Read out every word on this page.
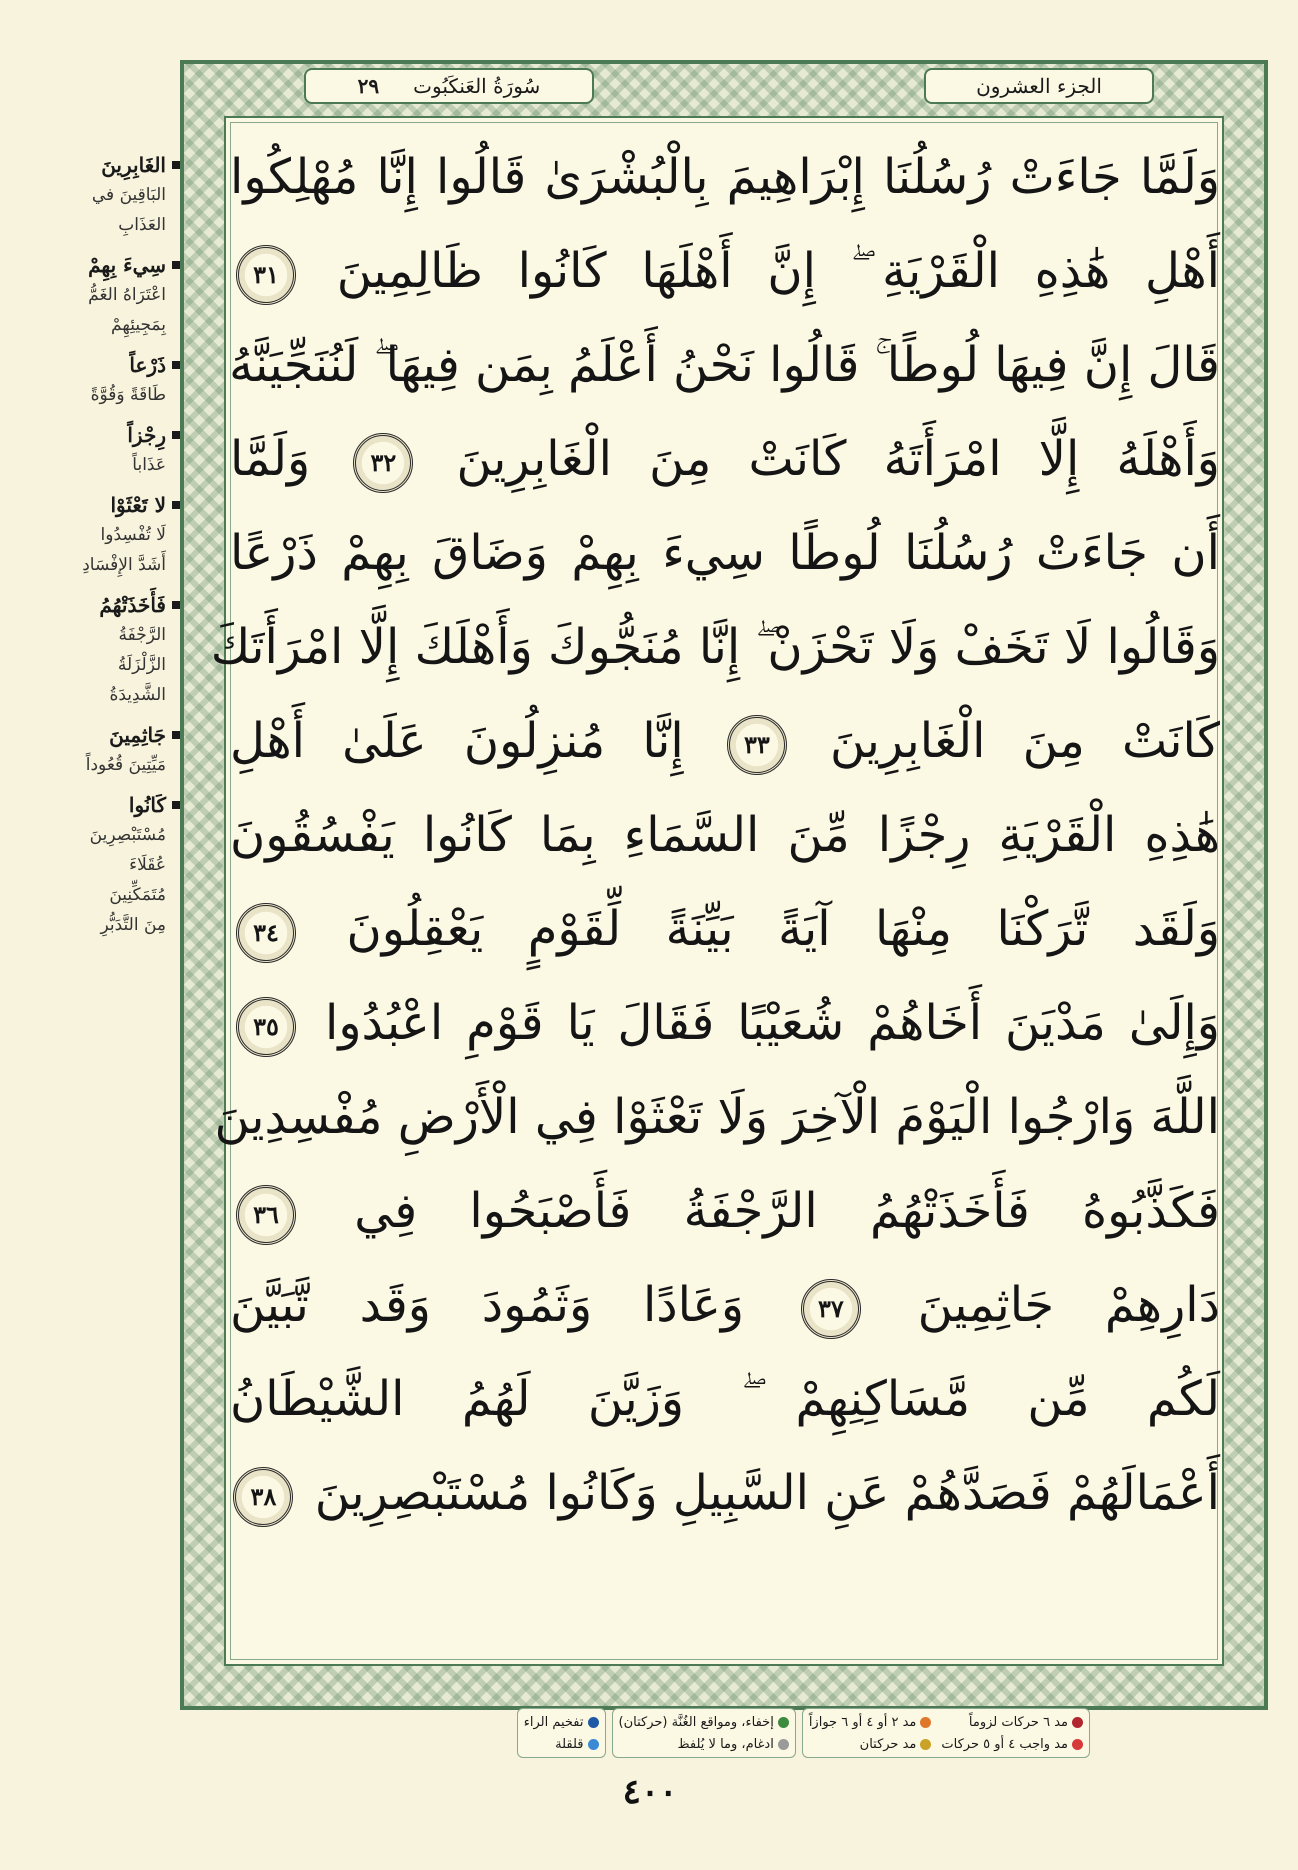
الغَابِرِينَ
البَاقِينَ في
العَذَابِ
سِيءَ بِهِمْ
اعْتَرَاهُ الغَمُّ
بِمَجِيئِهِمْ
ذَرْعاً
طَاقَةً وَقُوَّةً
رِجْزاً
عَذَاباً
لا تَعْثَوْا
لَا تُفْسِدُوا
أَشَدَّ الإِفْسَادِ
فَأَخَذَتْهُمُ
الرَّجْفَةُ
الزَّلْزَلَةُ
الشَّدِيدَةُ
جَاثِمِينَ
مَيِّتِينَ قُعُوداً
كَانُوا
مُسْتَبْصِرِينَ
عُقَلَاءَ
مُتَمَكِّنِينَ
مِنَ التَّدَبُّرِ
سُورَةُ العَنكَبُوت
٢٩	الجزء العشرون
وَلَمَّا جَاءَتْ رُسُلُنَا إِبْرَاهِيمَ بِالْبُشْرَىٰ قَالُوا إِنَّا مُهْلِكُوا
أَهْلِ هَٰذِهِ الْقَرْيَةِ ۖ إِنَّ أَهْلَهَا كَانُوا ظَالِمِينَ ٣١
قَالَ إِنَّ فِيهَا لُوطًا ۚ قَالُوا نَحْنُ أَعْلَمُ بِمَن فِيهَا ۖ لَنُنَجِّيَنَّهُ
وَأَهْلَهُ إِلَّا امْرَأَتَهُ كَانَتْ مِنَ الْغَابِرِينَ ٣٢ وَلَمَّا
أَن جَاءَتْ رُسُلُنَا لُوطًا سِيءَ بِهِمْ وَضَاقَ بِهِمْ ذَرْعًا
وَقَالُوا لَا تَخَفْ وَلَا تَحْزَنْ ۖ إِنَّا مُنَجُّوكَ وَأَهْلَكَ إِلَّا امْرَأَتَكَ
كَانَتْ مِنَ الْغَابِرِينَ ٣٣ إِنَّا مُنزِلُونَ عَلَىٰ أَهْلِ
هَٰذِهِ الْقَرْيَةِ رِجْزًا مِّنَ السَّمَاءِ بِمَا كَانُوا يَفْسُقُونَ
وَلَقَد تَّرَكْنَا مِنْهَا آيَةً بَيِّنَةً لِّقَوْمٍ يَعْقِلُونَ ٣٤
وَإِلَىٰ مَدْيَنَ أَخَاهُمْ شُعَيْبًا فَقَالَ يَا قَوْمِ اعْبُدُوا ٣٥
اللَّهَ وَارْجُوا الْيَوْمَ الْآخِرَ وَلَا تَعْثَوْا فِي الْأَرْضِ مُفْسِدِينَ
فَكَذَّبُوهُ فَأَخَذَتْهُمُ الرَّجْفَةُ فَأَصْبَحُوا فِي ٣٦
دَارِهِمْ جَاثِمِينَ ٣٧ وَعَادًا وَثَمُودَ وَقَد تَّبَيَّنَ
لَكُم مِّن مَّسَاكِنِهِمْ ۖ وَزَيَّنَ لَهُمُ الشَّيْطَانُ
أَعْمَالَهُمْ فَصَدَّهُمْ عَنِ السَّبِيلِ وَكَانُوا مُسْتَبْصِرِينَ ٣٨
مد ٦ حركات لزوماً
مد ٢ أو ٤ أو ٦ جوازاً
مد واجب ٤ أو ٥ حركات
مد حركتان
إخفاء، ومواقع الغُنَّة (حركتان)
ادغام، وما لا يُلفظ
تفخيم الراء
قلقلة
٤٠٠
